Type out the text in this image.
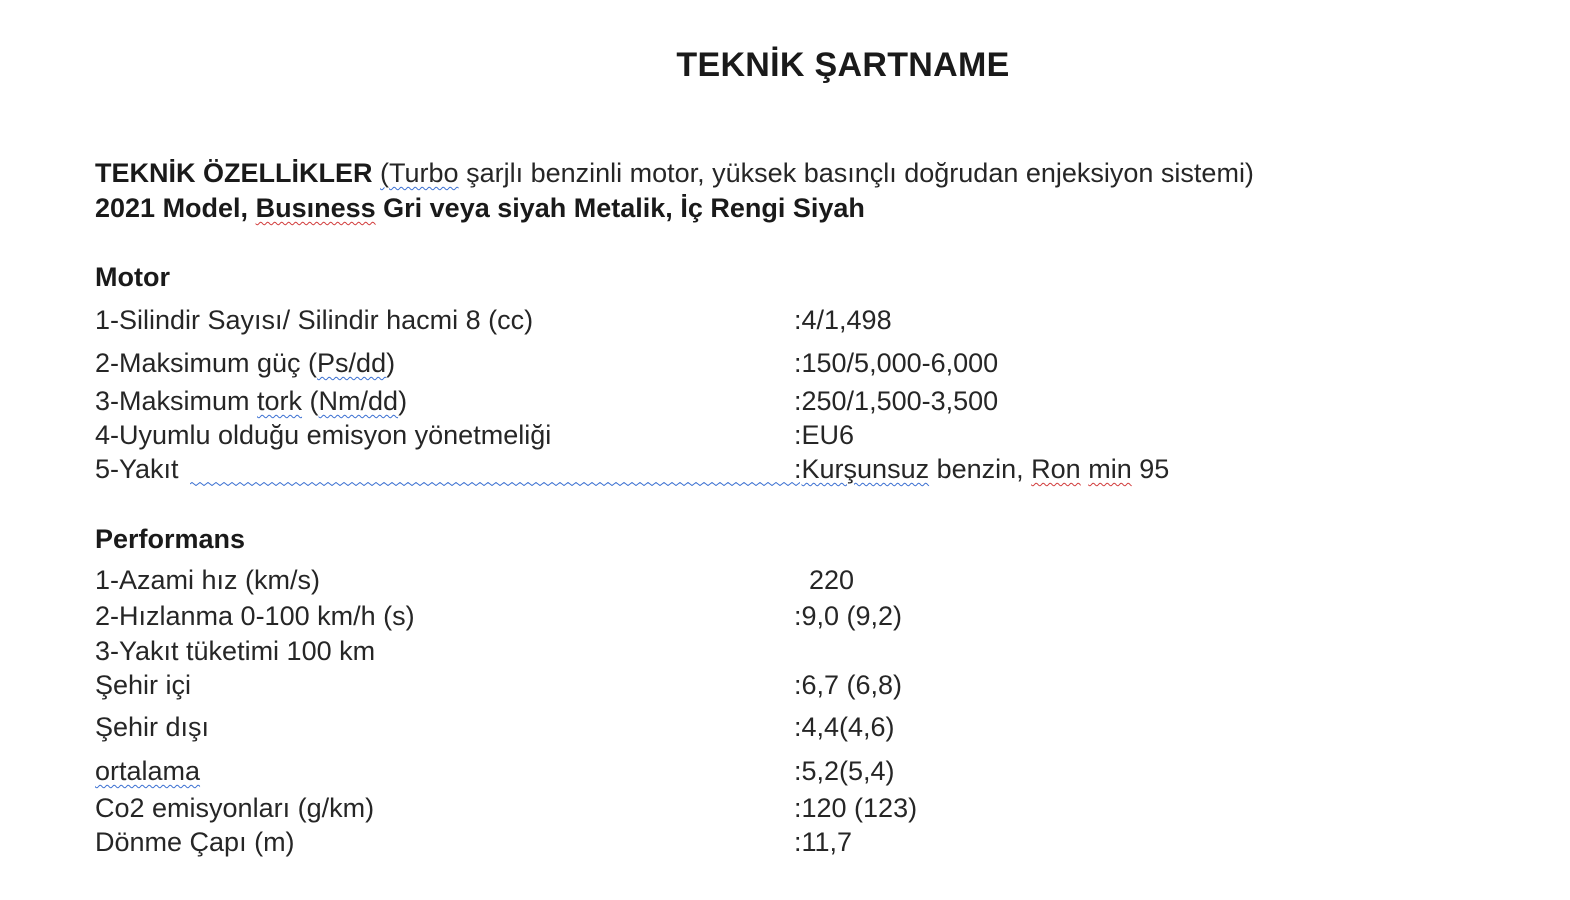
TEKNİK ŞARTNAME
TEKNİK ÖZELLİKLER (Turbo şarjlı benzinli motor, yüksek basınçlı doğrudan enjeksiyon sistemi)
2021 Model, Busıness Gri veya siyah Metalik, İç Rengi Siyah
Motor
1-Silindir Sayısı/ Silindir hacmi 8 (cc)	:4/1,498
2-Maksimum güç (Ps/dd)	:150/5,000-6,000
3-Maksimum tork (Nm/dd)	:250/1,500-3,500
4-Uyumlu olduğu emisyon yönetmeliği	:EU6
5-Yakıt	:Kurşunsuz benzin, Ron min 95
Performans
1-Azami hız (km/s)	220
2-Hızlanma 0-100 km/h (s)	:9,0 (9,2)
3-Yakıt tüketimi 100 km
Şehir içi	:6,7 (6,8)
Şehir dışı	:4,4(4,6)
ortalama	:5,2(5,4)
Co2 emisyonları (g/km)	:120 (123)
Dönme Çapı (m)	:11,7
